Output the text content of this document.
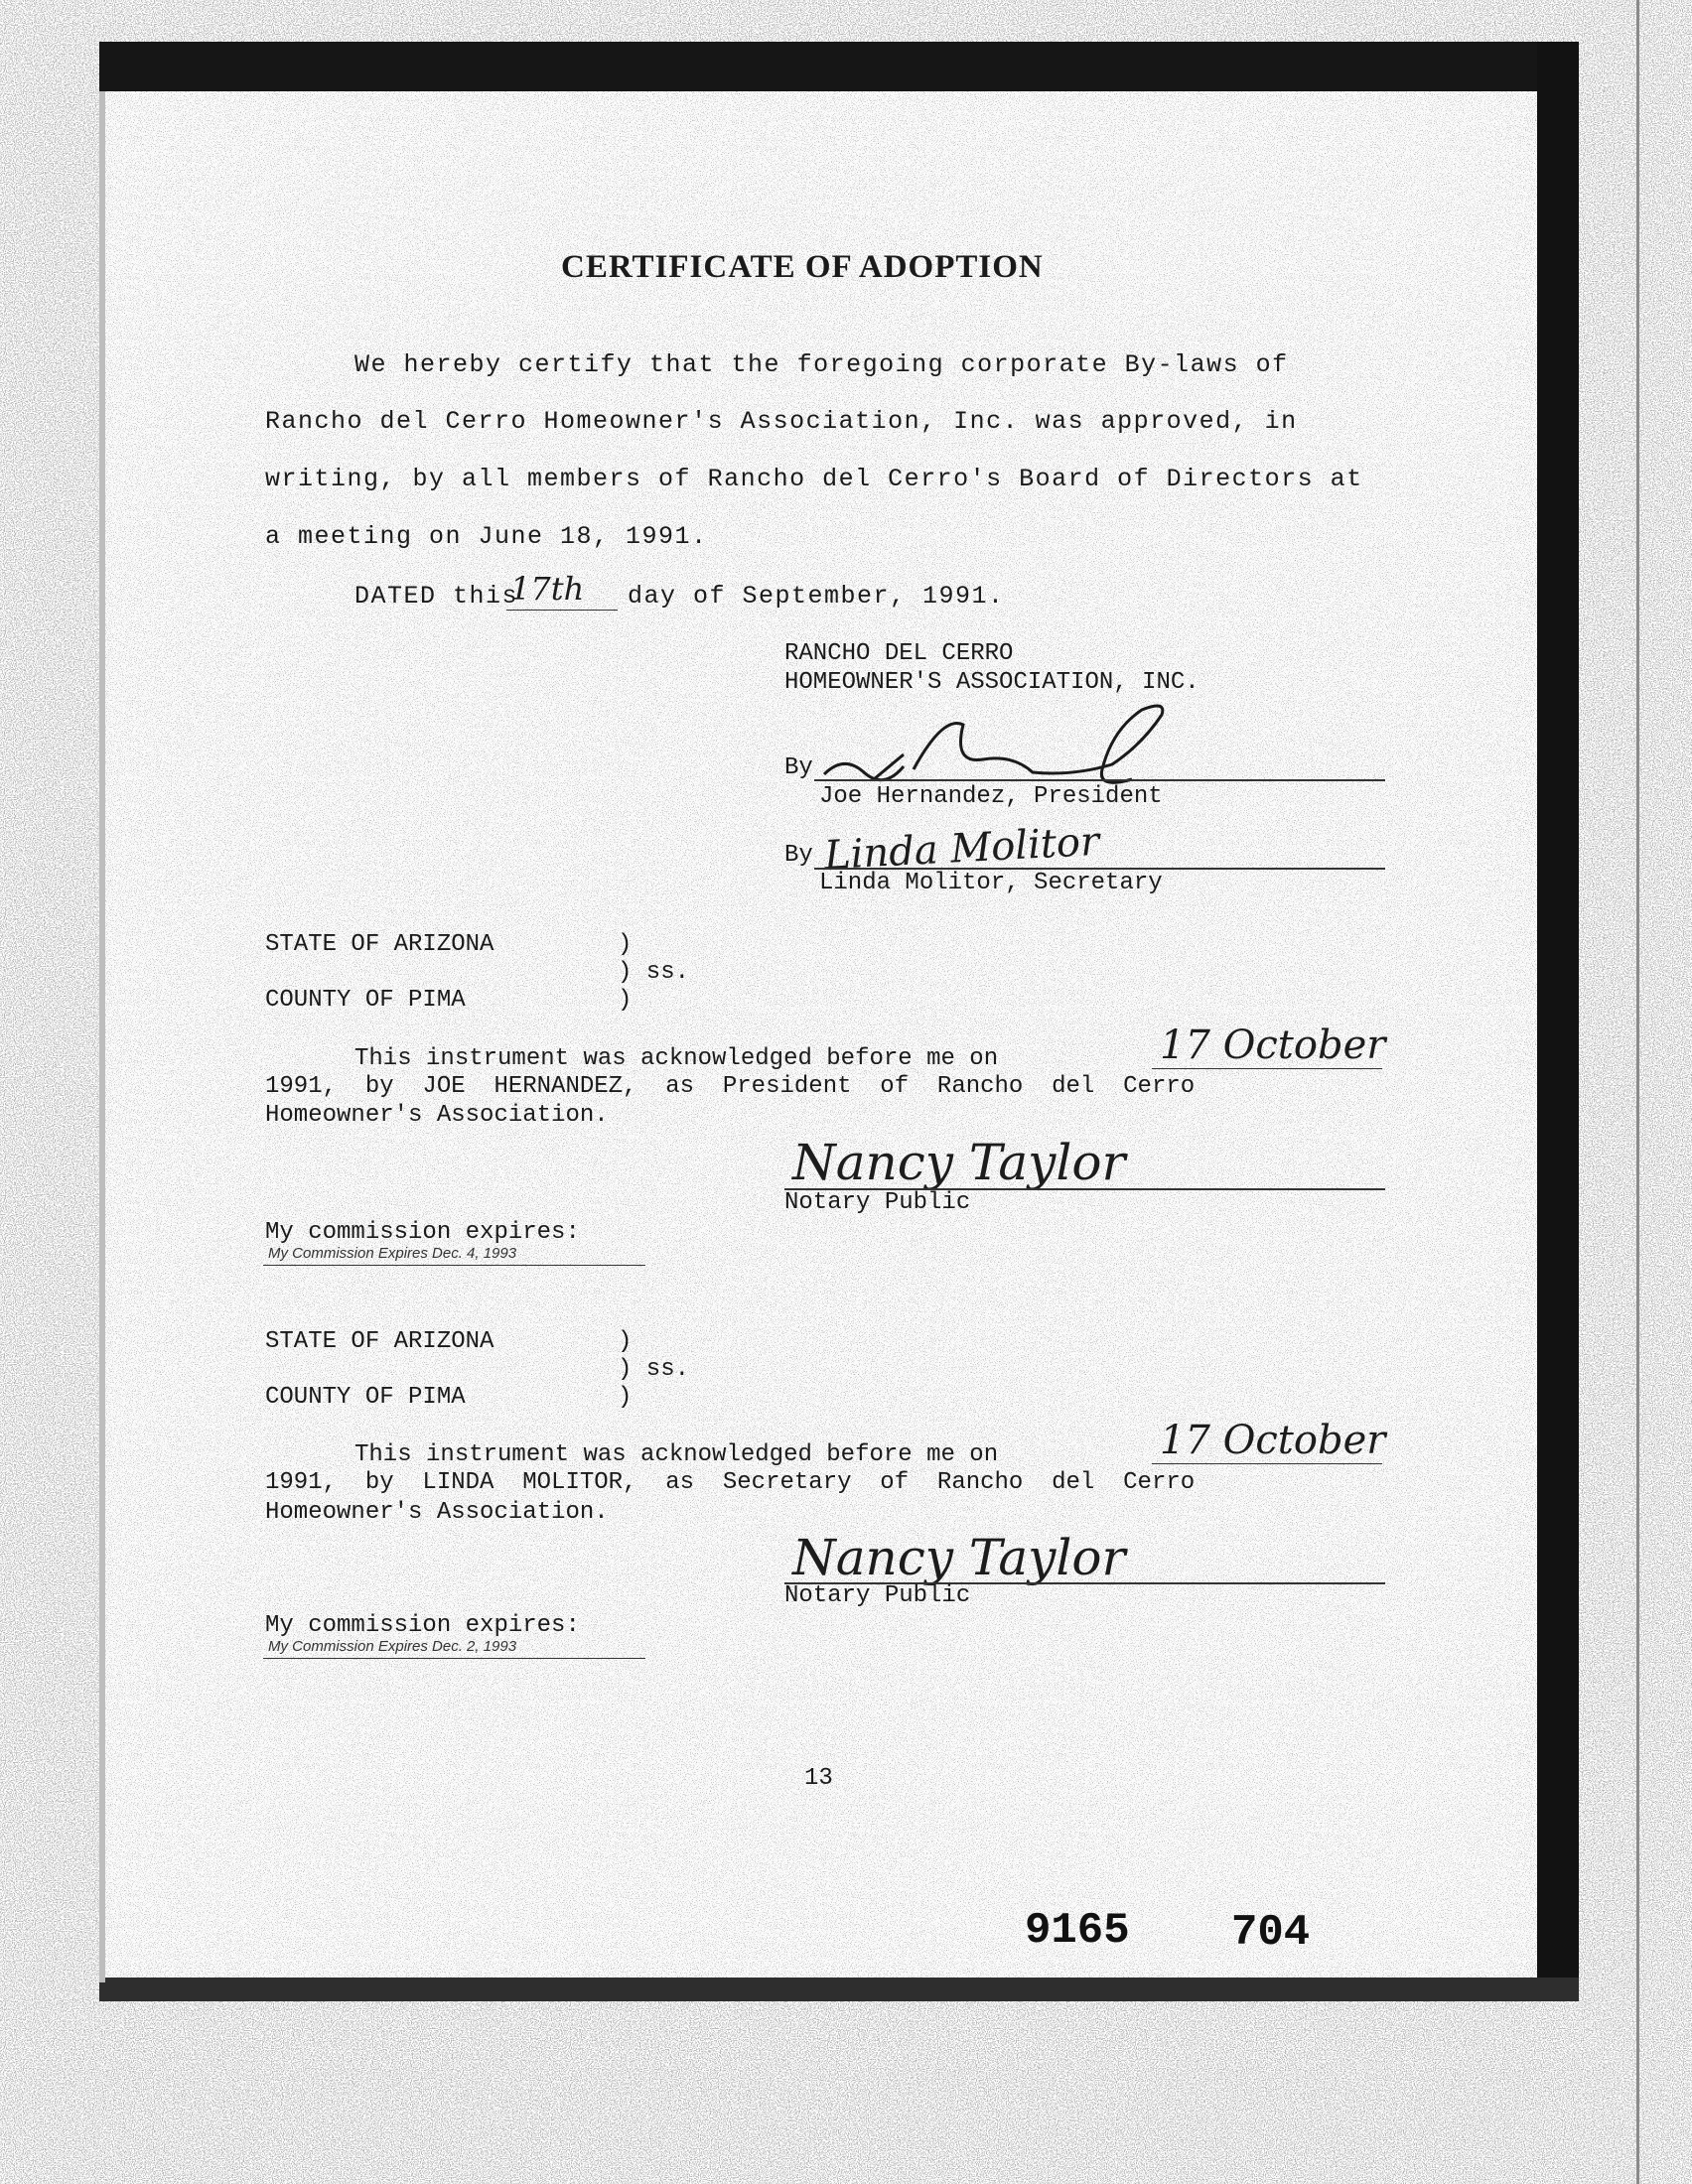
CERTIFICATE OF ADOPTION

We hereby certify that the foregoing corporate By-laws of

Rancho del Cerro Homeowner's Association, Inc. was approved, in

writing, by all members of Rancho del Cerro's Board of Directors at

a meeting on June 18, 1991.

DATED this

17th day of September, 1991.

RANCHO DEL CERRO

HOMEOWNER'S ASSOCIATION, INC.

By

Joe Hernandez, President

By Linda Molitor

Linda Molitor, Secretary

STATE OF ARIZONA	)

) ss.

COUNTY OF PIMA	)

This instrument was acknowledged before me on	17 October

1991,  by  JOE  HERNANDEZ,  as  President  of  Rancho  del  Cerro

Homeowner's Association.

Nancy Taylor

Notary Public

My commission expires:

My Commission Expires Dec. 4, 1993

STATE OF ARIZONA	)

) ss.

COUNTY OF PIMA	)

This instrument was acknowledged before me on	17 October

1991,  by  LINDA  MOLITOR,  as  Secretary  of  Rancho  del  Cerro

Homeowner's Association.

Nancy Taylor

Notary Public

My commission expires:

My Commission Expires Dec. 2, 1993

13

9165 704
